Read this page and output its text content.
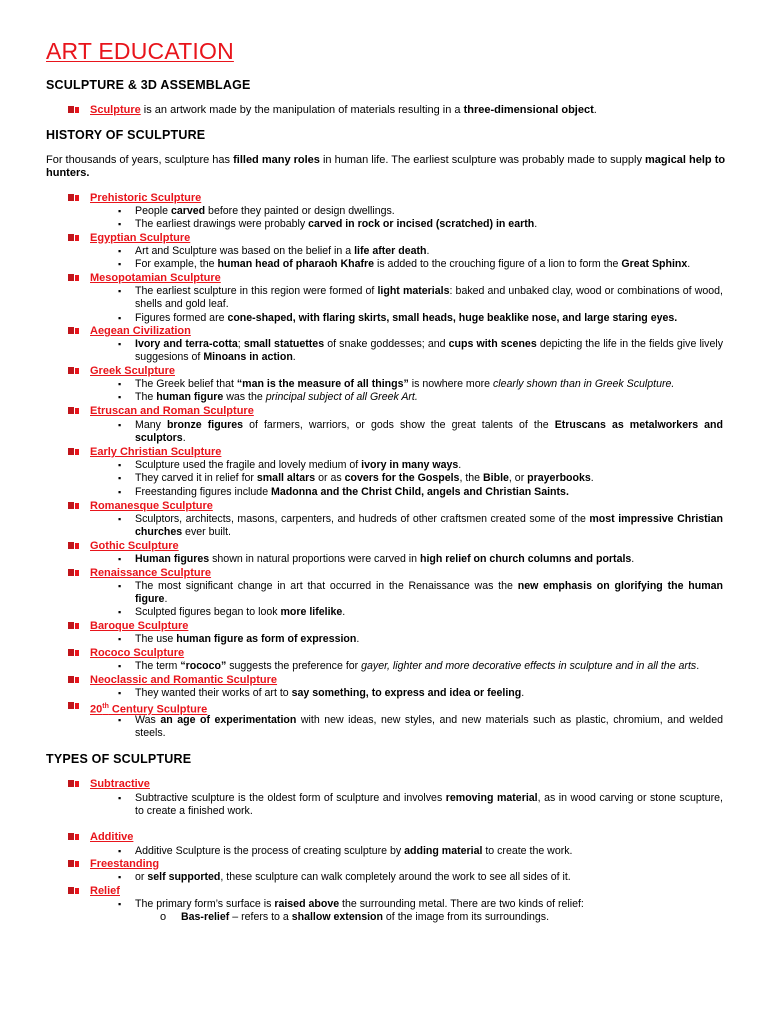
ART EDUCATION
SCULPTURE & 3D ASSEMBLAGE
Sculpture is an artwork made by the manipulation of materials resulting in a three-dimensional object.
HISTORY OF SCULPTURE
For thousands of years, sculpture has filled many roles in human life. The earliest sculpture was probably made to supply magical help to hunters.
Prehistoric Sculpture
▪	People carved before they painted or design dwellings.
▪	The earliest drawings were probably carved in rock or incised (scratched) in earth.
Egyptian Sculpture
▪	Art and Sculpture was based on the belief in a life after death.
▪	For example, the human head of pharaoh Khafre is added to the crouching figure of a lion to form the Great Sphinx.
Mesopotamian Sculpture
▪	The earliest sculpture in this region were formed of light materials: baked and unbaked clay, wood or combinations of wood, shells and gold leaf.
▪	Figures formed are cone-shaped, with flaring skirts, small heads, huge beaklike nose, and large staring eyes.
Aegean Civilization
▪	Ivory and terra-cotta; small statuettes of snake goddesses; and cups with scenes depicting the life in the fields give lively suggesions of Minoans in action.
Greek Sculpture
▪	The Greek belief that “man is the measure of all things” is nowhere more clearly shown than in Greek Sculpture.
▪	The human figure was the principal subject of all Greek Art.
Etruscan and Roman Sculpture
▪	Many bronze figures of farmers, warriors, or gods show the great talents of the Etruscans as metalworkers and sculptors.
Early Christian Sculpture
▪	Sculpture used the fragile and lovely medium of ivory in many ways.
▪	They carved it in relief for small altars or as covers for the Gospels, the Bible, or prayerbooks.
▪	Freestanding figures include Madonna and the Christ Child, angels and Christian Saints.
Romanesque Sculpture
▪	Sculptors, architects, masons, carpenters, and hudreds of other craftsmen created some of the most impressive Christian churches ever built.
Gothic Sculpture
▪	Human figures shown in natural proportions were carved in high relief on church columns and portals.
Renaissance Sculpture
▪	The most significant change in art that occurred in the Renaissance was the new emphasis on glorifying the human figure.
▪	Sculpted figures began to look more lifelike.
Baroque Sculpture
▪	The use human figure as form of expression.
Rococo Sculpture
▪	The term “rococo” suggests the preference for gayer, lighter and more decorative effects in sculpture and in all the arts.
Neoclassic and Romantic Sculpture
▪	They wanted their works of art to say something, to express and idea or feeling.
20th Century Sculpture
▪	Was an age of experimentation with new ideas, new styles, and new materials such as plastic, chromium, and welded steels.
TYPES OF SCULPTURE
Subtractive
▪	Subtractive sculpture is the oldest form of sculpture and involves removing material, as in wood carving or stone scupture, to create a finished work.
Additive
▪	Additive Sculpture is the process of creating sculpture by adding material to create the work.
Freestanding
▪	or self supported, these sculpture can walk completely around the work to see all sides of it.
Relief
▪	The primary form’s surface is raised above the surrounding metal. There are two kinds of relief:
o Bas-relief – refers to a shallow extension of the image from its surroundings.
